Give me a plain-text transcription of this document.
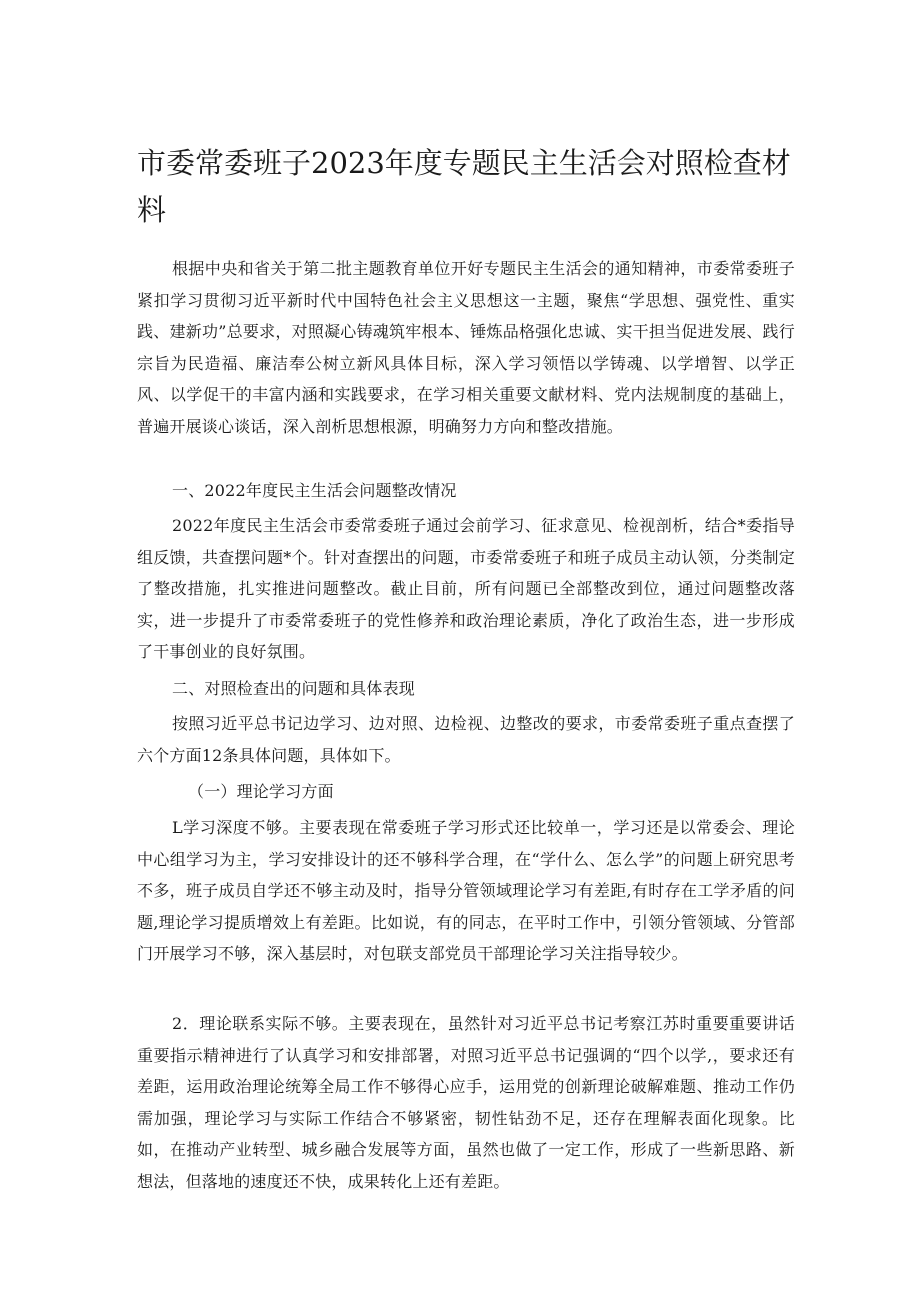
市委常委班子2023年度专题民主生活会对照检查材料

根据中央和省关于第二批主题教育单位开好专题民主生活会的通知精神，市委常委班子紧扣学习贯彻习近平新时代中国特色社会主义思想这一主题，聚焦“学思想、强党性、重实践、建新功”总要求，对照凝心铸魂筑牢根本、锤炼品格强化忠诚、实干担当促进发展、践行宗旨为民造福、廉洁奉公树立新风具体目标，深入学习领悟以学铸魂、以学增智、以学正风、以学促干的丰富内涵和实践要求，在学习相关重要文献材料、党内法规制度的基础上，普遍开展谈心谈话，深入剖析思想根源，明确努力方向和整改措施。

一、2022年度民主生活会问题整改情况

2022年度民主生活会市委常委班子通过会前学习、征求意见、检视剖析，结合*委指导组反馈，共查摆问题*个。针对查摆出的问题，市委常委班子和班子成员主动认领，分类制定了整改措施，扎实推进问题整改。截止目前，所有问题已全部整改到位，通过问题整改落实，进一步提升了市委常委班子的党性修养和政治理论素质，净化了政治生态，进一步形成了干事创业的良好氛围。

二、对照检查出的问题和具体表现

按照习近平总书记边学习、边对照、边检视、边整改的要求，市委常委班子重点查摆了六个方面12条具体问题，具体如下。

（一）理论学习方面

L学习深度不够。主要表现在常委班子学习形式还比较单一，学习还是以常委会、理论中心组学习为主，学习安排设计的还不够科学合理，在“学什么、怎么学”的问题上研究思考不多，班子成员自学还不够主动及时，指导分管领域理论学习有差距,有时存在工学矛盾的问题,理论学习提质增效上有差距。比如说，有的同志，在平时工作中，引领分管领域、分管部门开展学习不够，深入基层时，对包联支部党员干部理论学习关注指导较少。

2．理论联系实际不够。主要表现在，虽然针对习近平总书记考察江苏时重要重要讲话重要指示精神进行了认真学习和安排部署，对照习近平总书记强调的“四个以学,，要求还有差距，运用政治理论统筹全局工作不够得心应手，运用党的创新理论破解难题、推动工作仍需加强，理论学习与实际工作结合不够紧密，韧性钻劲不足，还存在理解表面化现象。比如，在推动产业转型、城乡融合发展等方面，虽然也做了一定工作，形成了一些新思路、新想法，但落地的速度还不快，成果转化上还有差距。
